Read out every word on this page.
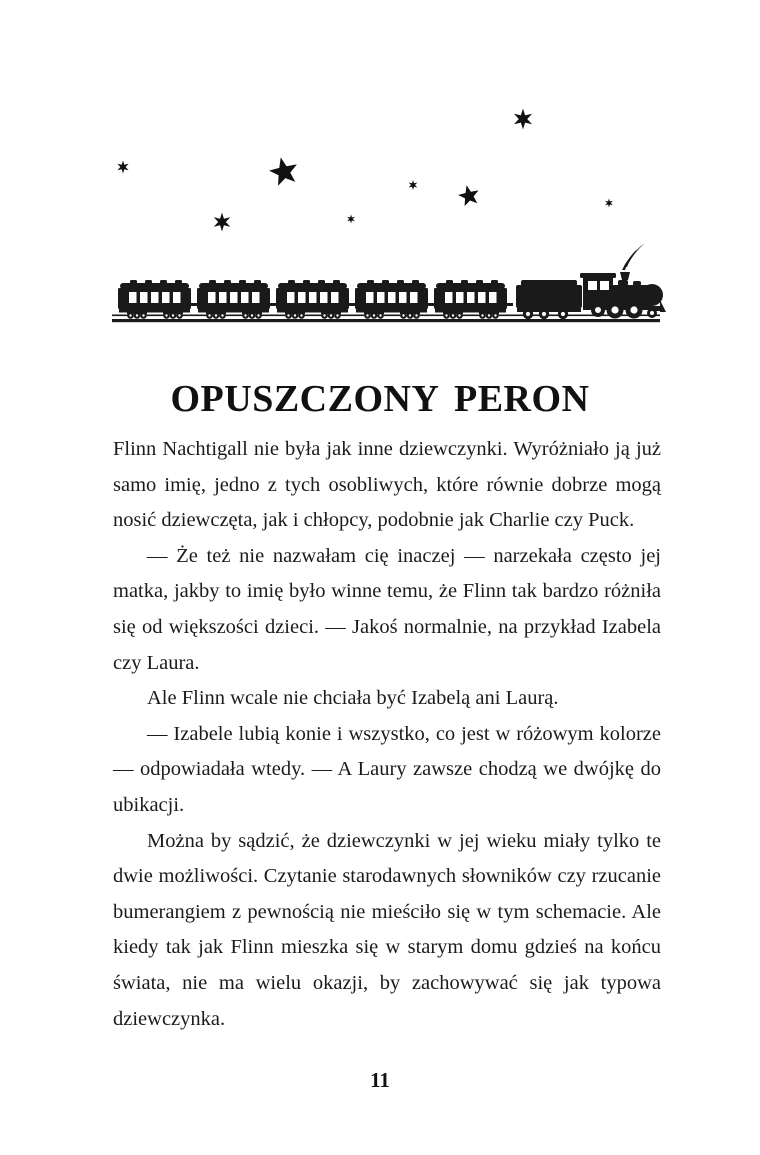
OPUSZCZONY PERON

Flinn Nachtigall nie była jak inne dziewczynki. Wyróżniało ją już samo imię, jedno z tych osobliwych, które równie dobrze mogą nosić dziewczęta, jak i chłopcy, podobnie jak Charlie czy Puck.

— Że też nie nazwałam cię inaczej — narzekała często jej matka, jakby to imię było winne temu, że Flinn tak bardzo różniła się od większości dzieci. — Jakoś normalnie, na przykład Izabela czy Laura.

Ale Flinn wcale nie chciała być Izabelą ani Laurą.

— Izabele lubią konie i wszystko, co jest w różowym kolorze — odpowiadała wtedy. — A Laury zawsze chodzą we dwójkę do ubikacji.

Można by sądzić, że dziewczynki w jej wieku miały tylko te dwie możliwości. Czytanie starodawnych słowników czy rzucanie bumerangiem z pewnością nie mieściło się w tym schemacie. Ale kiedy tak jak Flinn mieszka się w starym domu gdzieś na końcu świata, nie ma wielu okazji, by zachowywać się jak typowa dziewczynka.

11
